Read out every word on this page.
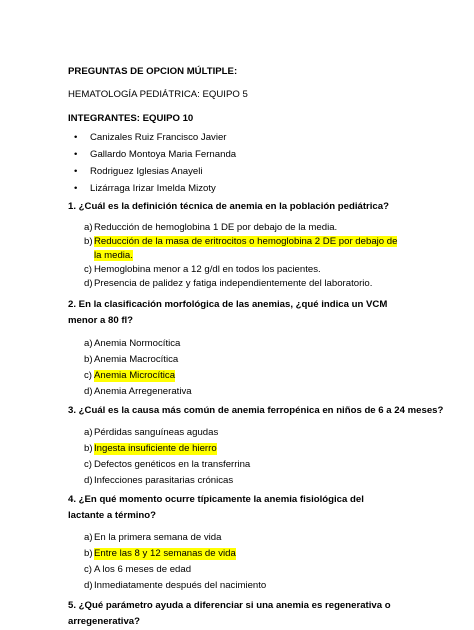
PREGUNTAS DE OPCION MÚLTIPLE:
HEMATOLOGÍA PEDIÁTRICA: EQUIPO 5
INTEGRANTES: EQUIPO 10
• Canizales Ruiz Francisco Javier
• Gallardo Montoya Maria Fernanda
• Rodriguez Iglesias Anayeli
• Lizárraga Irizar Imelda Mizoty
1. ¿Cuál es la definición técnica de anemia en la población pediátrica?
a) Reducción de hemoglobina 1 DE por debajo de la media.
b) Reducción de la masa de eritrocitos o hemoglobina 2 DE por debajo de la media.
c) Hemoglobina menor a 12 g/dl en todos los pacientes.
d) Presencia de palidez y fatiga independientemente del laboratorio.
2. En la clasificación morfológica de las anemias, ¿qué indica un VCM menor a 80 fl?
a) Anemia Normocítica
b) Anemia Macrocítica
c) Anemia Microcítica
d) Anemia Arregenerativa
3. ¿Cuál es la causa más común de anemia ferropénica en niños de 6 a 24 meses?
a) Pérdidas sanguíneas agudas
b) Ingesta insuficiente de hierro
c) Defectos genéticos en la transferrina
d) Infecciones parasitarias crónicas
4. ¿En qué momento ocurre típicamente la anemia fisiológica del lactante a término?
a) En la primera semana de vida
b) Entre las 8 y 12 semanas de vida
c) A los 6 meses de edad
d) Inmediatamente después del nacimiento
5. ¿Qué parámetro ayuda a diferenciar si una anemia es regenerativa o arregenerativa?
